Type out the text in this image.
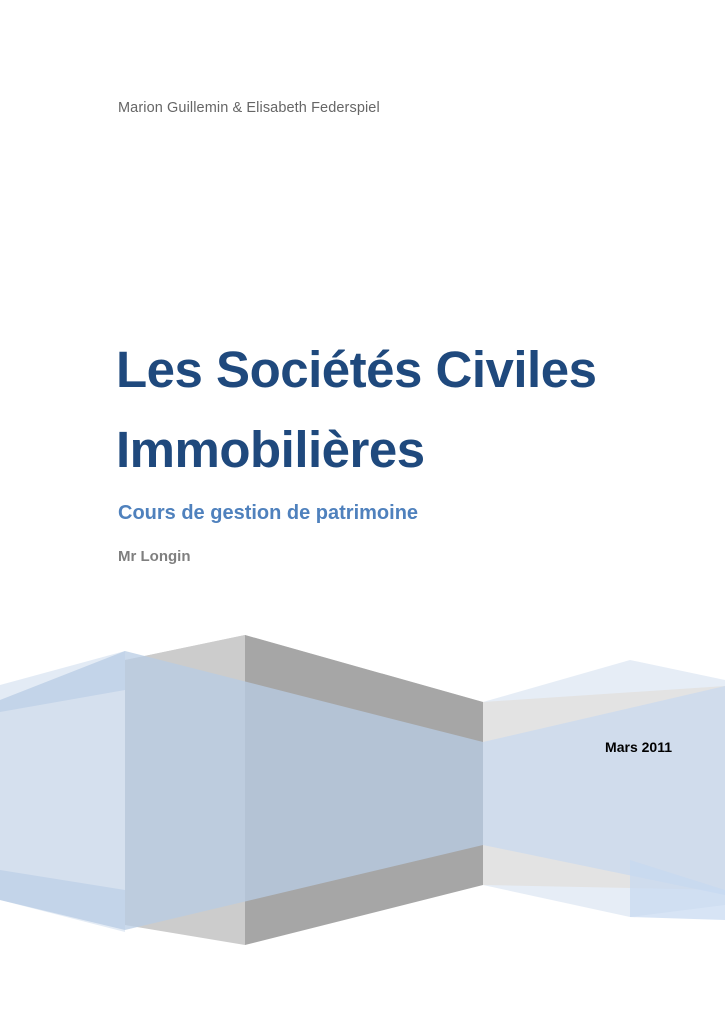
Marion Guillemin & Elisabeth Federspiel
Les Sociétés Civiles
Immobilières
Cours de gestion de patrimoine
Mr Longin
Mars 2011
